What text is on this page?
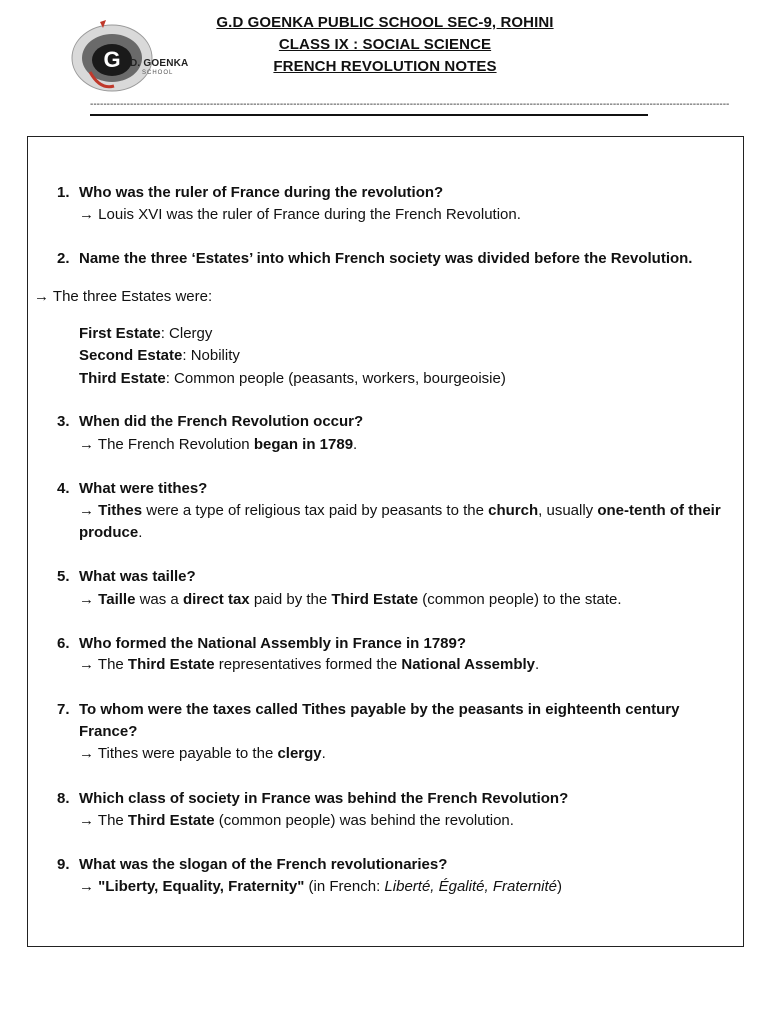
G D. GOENKA
SCHOOL
G.D GOENKA PUBLIC SCHOOL SEC-9, ROHINI
CLASS IX : SOCIAL SCIENCE
FRENCH REVOLUTION NOTES
------------------------------------------------------------------------------------------------------------------------------------------------------------------------------------------------
1. Who was the ruler of France during the revolution?
→ Louis XVI was the ruler of France during the French Revolution.
2. Name the three ‘Estates’ into which French society was divided before the Revolution.
→ The three Estates were:
First Estate: Clergy
Second Estate: Nobility
Third Estate: Common people (peasants, workers, bourgeoisie)
3. When did the French Revolution occur?
→ The French Revolution began in 1789.
4. What were tithes?
→ Tithes were a type of religious tax paid by peasants to the church, usually one-tenth of their produce.
5. What was taille?
→ Taille was a direct tax paid by the Third Estate (common people) to the state.
6. Who formed the National Assembly in France in 1789?
→ The Third Estate representatives formed the National Assembly.
7. To whom were the taxes called Tithes payable by the peasants in eighteenth century France?
→ Tithes were payable to the clergy.
8. Which class of society in France was behind the French Revolution?
→ The Third Estate (common people) was behind the revolution.
9. What was the slogan of the French revolutionaries?
→ "Liberty, Equality, Fraternity" (in French: Liberté, Égalité, Fraternité)
